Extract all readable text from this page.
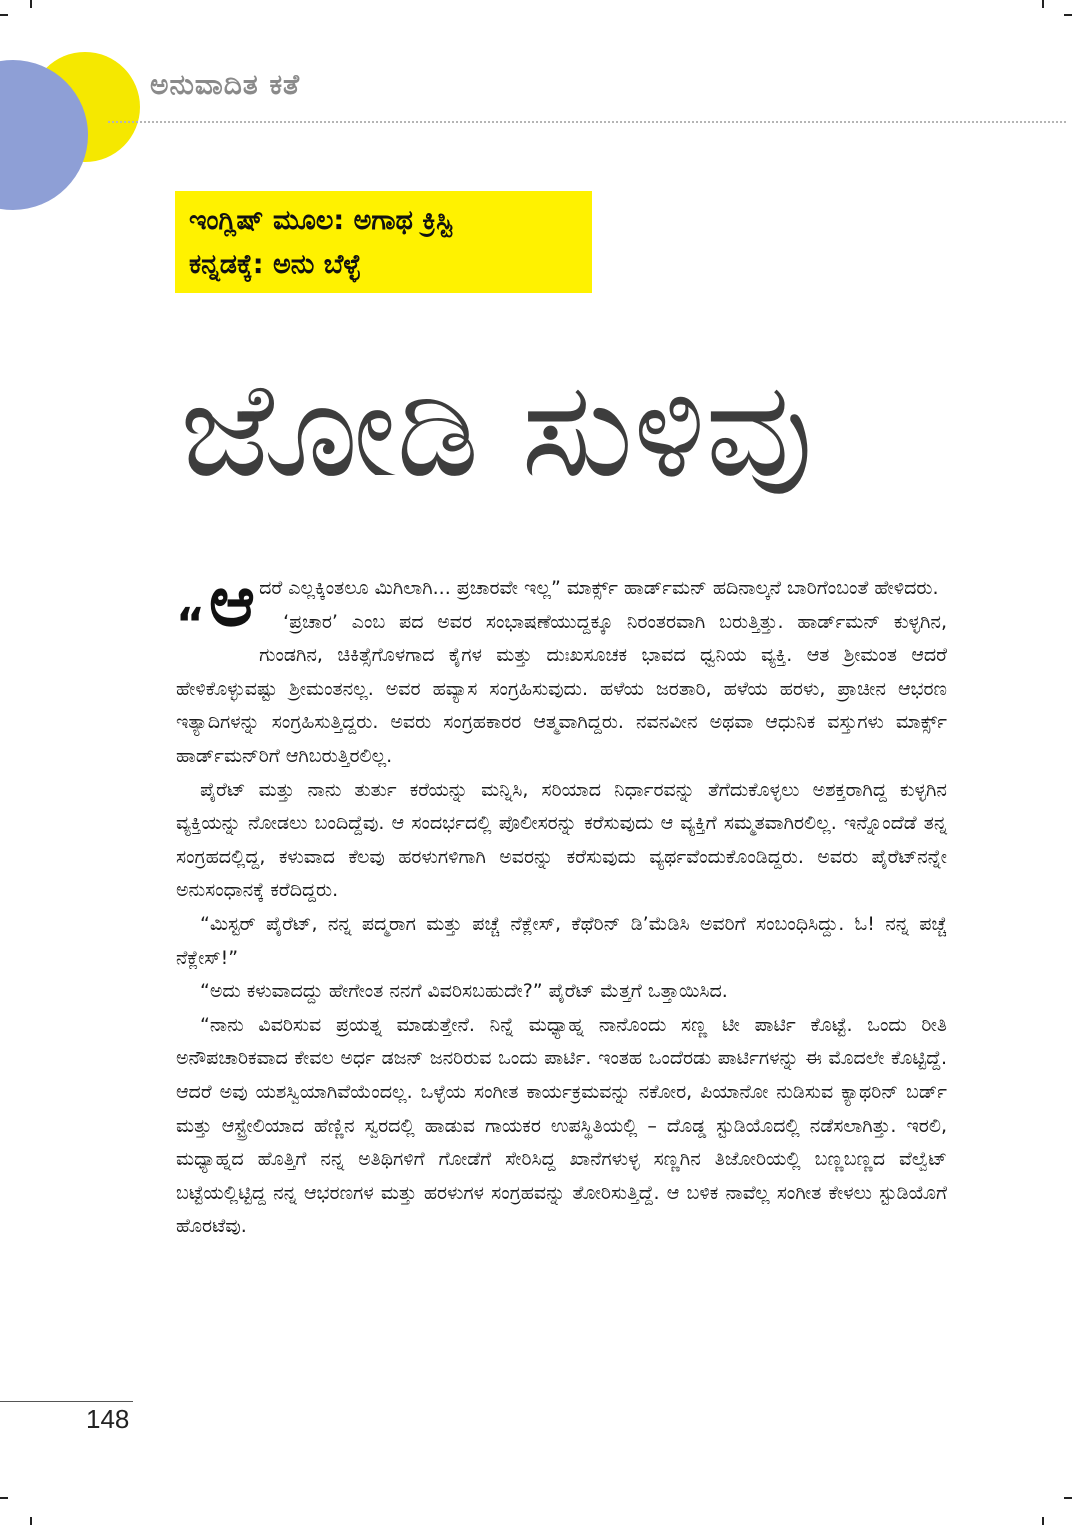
ಅನುವಾದಿತ ಕತೆ
ಇಂಗ್ಲಿಷ್ ಮೂಲ: ಅಗಾಥ ಕ್ರಿಸ್ಟಿ
ಕನ್ನಡಕ್ಕೆ: ಅನು ಬೆಳ್ಳೆ
ಜೋಡಿ ಸುಳಿವು

$_“$ಆ ದರೆ ಎಲ್ಲಕ್ಕಿಂತಲೂ ಮಿಗಿಲಾಗಿ... ಪ್ರಚಾರವೇ ಇಲ್ಲ” ಮಾರ್ಕ್ಸ್ ಹಾರ್ಡ್‌ಮನ್ ಹದಿನಾಲ್ಕನೆ ಬಾರಿಗೆಂಬಂತೆ ಹೇಳಿದರು.

‘ಪ್ರಚಾರ’ ಎಂಬ ಪದ ಅವರ ಸಂಭಾಷಣೆಯುದ್ದಕ್ಕೂ ನಿರಂತರವಾಗಿ ಬರುತ್ತಿತ್ತು. ಹಾರ್ಡ್‌ಮನ್ ಕುಳ್ಳಗಿನ, ಗುಂಡಗಿನ, ಚಿಕಿತ್ಸೆಗೊಳಗಾದ ಕೈಗಳ ಮತ್ತು ದುಃಖಸೂಚಕ ಭಾವದ ಧ್ವನಿಯ ವ್ಯಕ್ತಿ. ಆತ ಶ್ರೀಮಂತ ಆದರೆ ಹೇಳಿಕೊಳ್ಳುವಷ್ಟು ಶ್ರೀಮಂತನಲ್ಲ. ಅವರ ಹವ್ಯಾಸ ಸಂಗ್ರಹಿಸುವುದು. ಹಳೆಯ ಜರತಾರಿ, ಹಳೆಯ ಹರಳು, ಪ್ರಾಚೀನ ಆಭರಣ ಇತ್ಯಾದಿಗಳನ್ನು ಸಂಗ್ರಹಿಸುತ್ತಿದ್ದರು. ಅವರು ಸಂಗ್ರಹಕಾರರ ಆತ್ಮವಾಗಿದ್ದರು. ನವನವೀನ ಅಥವಾ ಆಧುನಿಕ ವಸ್ತುಗಳು ಮಾರ್ಕ್ಸ್ ಹಾರ್ಡ್‌ಮನ್‌ರಿಗೆ ಆಗಿಬರುತ್ತಿರಲಿಲ್ಲ.

ಪೈರೆಟ್ ಮತ್ತು ನಾನು ತುರ್ತು ಕರೆಯನ್ನು ಮನ್ನಿಸಿ, ಸರಿಯಾದ ನಿರ್ಧಾರವನ್ನು ತೆಗೆದುಕೊಳ್ಳಲು ಅಶಕ್ತರಾಗಿದ್ದ ಕುಳ್ಳಗಿನ ವ್ಯಕ್ತಿಯನ್ನು ನೋಡಲು ಬಂದಿದ್ದೆವು. ಆ ಸಂದರ್ಭದಲ್ಲಿ ಪೊಲೀಸರನ್ನು ಕರೆಸುವುದು ಆ ವ್ಯಕ್ತಿಗೆ ಸಮ್ಮತವಾಗಿರಲಿಲ್ಲ. ಇನ್ನೊಂದೆಡೆ ತನ್ನ ಸಂಗ್ರಹದಲ್ಲಿದ್ದ, ಕಳುವಾದ ಕೆಲವು ಹರಳುಗಳಿಗಾಗಿ ಅವರನ್ನು ಕರೆಸುವುದು ವ್ಯರ್ಥವೆಂದುಕೊಂಡಿದ್ದರು. ಅವರು ಪೈರೆಟ್‌ನನ್ನೇ ಅನುಸಂಧಾನಕ್ಕೆ ಕರೆದಿದ್ದರು.

“ಮಿಸ್ಟರ್ ಪೈರೆಟ್, ನನ್ನ ಪದ್ಮರಾಗ ಮತ್ತು ಪಚ್ಚೆ ನೆಕ್ಲೇಸ್, ಕೆಥೆರಿನ್ ಡಿ’ಮೆಡಿಸಿ ಅವರಿಗೆ ಸಂಬಂಧಿಸಿದ್ದು. ಓ! ನನ್ನ ಪಚ್ಚೆ ನೆಕ್ಲೇಸ್!”

“ಅದು ಕಳುವಾದದ್ದು ಹೇಗೇಂತ ನನಗೆ ವಿವರಿಸಬಹುದೇ?” ಪೈರೆಟ್ ಮೆತ್ತಗೆ ಒತ್ತಾಯಿಸಿದ.

“ನಾನು ವಿವರಿಸುವ ಪ್ರಯತ್ನ ಮಾಡುತ್ತೇನೆ. ನಿನ್ನೆ ಮಧ್ಯಾಹ್ನ ನಾನೊಂದು ಸಣ್ಣ ಟೀ ಪಾರ್ಟಿ ಕೊಟ್ಟೆ. ಒಂದು ರೀತಿ ಅನೌಪಚಾರಿಕವಾದ ಕೇವಲ ಅರ್ಧ ಡಜನ್ ಜನರಿರುವ ಒಂದು ಪಾರ್ಟಿ. ಇಂತಹ ಒಂದೆರಡು ಪಾರ್ಟಿಗಳನ್ನು ಈ ಮೊದಲೇ ಕೊಟ್ಟಿದ್ದೆ. ಆದರೆ ಅವು ಯಶಸ್ವಿಯಾಗಿವೆಯೆಂದಲ್ಲ. ಒಳ್ಳೆಯ ಸಂಗೀತ ಕಾರ್ಯಕ್ರಮವನ್ನು ನಕೋರ, ಪಿಯಾನೋ ನುಡಿಸುವ ಕ್ಯಾಥರಿನ್ ಬರ್ಡ್ ಮತ್ತು ಆಸ್ಟ್ರೇಲಿಯಾದ ಹೆಣ್ಣಿನ ಸ್ವರದಲ್ಲಿ ಹಾಡುವ ಗಾಯಕರ ಉಪಸ್ಥಿತಿಯಲ್ಲಿ – ದೊಡ್ಡ ಸ್ಟುಡಿಯೊದಲ್ಲಿ ನಡೆಸಲಾಗಿತ್ತು. ಇರಲಿ, ಮಧ್ಯಾಹ್ನದ ಹೊತ್ತಿಗೆ ನನ್ನ ಅತಿಥಿಗಳಿಗೆ ಗೋಡೆಗೆ ಸೇರಿಸಿದ್ದ ಖಾನೆಗಳುಳ್ಳ ಸಣ್ಣಗಿನ ತಿಜೋರಿಯಲ್ಲಿ ಬಣ್ಣಬಣ್ಣದ ವೆಲ್ವೆಟ್ ಬಟ್ಟೆಯಲ್ಲಿಟ್ಟಿದ್ದ ನನ್ನ ಆಭರಣಗಳ ಮತ್ತು ಹರಳುಗಳ ಸಂಗ್ರಹವನ್ನು ತೋರಿಸುತ್ತಿದ್ದೆ. ಆ ಬಳಿಕ ನಾವೆಲ್ಲ ಸಂಗೀತ ಕೇಳಲು ಸ್ಟುಡಿಯೊಗೆ ಹೊರಟೆವು.

148
